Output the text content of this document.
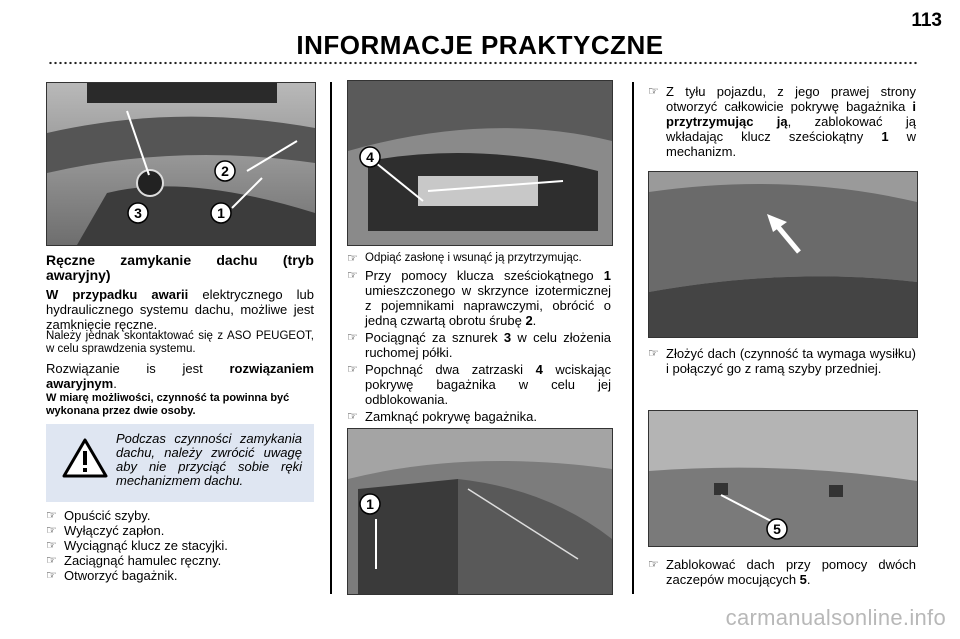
113
INFORMACJE PRAKTYCZNE
2
3	1
4
1
5
Ręczne zamykanie dachu (tryb awaryjny)
W przypadku awarii elektrycznego lub hydraulicznego systemu dachu, możliwe jest zamknięcie ręczne.
Należy jednak skontaktować się z ASO PEUGEOT, w celu sprawdzenia systemu.
Rozwiązanie is jest rozwiązaniem awaryjnym.
W miarę możliwości, czynność ta powinna być wykonana przez dwie osoby.
Podczas czynności zamykania dachu, należy zwrócić uwagę aby nie przyciąć sobie ręki mechanizmem dachu.
☞ Opuścić szyby.
☞ Wyłączyć zapłon.
☞ Wyciągnąć klucz ze stacyjki.
☞ Zaciągnąć hamulec ręczny.
☞ Otworzyć bagażnik.
☞ Odpiąć zasłonę i wsunąć ją przytrzymując.
☞ Przy pomocy klucza sześciokątnego 1 umieszczonego w skrzynce izotermicznej z pojemnikami naprawczymi, obrócić o jedną czwartą obrotu śrubę 2.
☞ Pociągnąć za sznurek 3 w celu złożenia ruchomej półki.
☞ Popchnąć dwa zatrzaski 4 wciskając pokrywę bagażnika w celu jej odblokowania.
☞ Zamknąć pokrywę bagażnika.
☞ Z tyłu pojazdu, z jego prawej strony otworzyć całkowicie pokrywę bagażnika i przytrzymując ją, zablokować ją wkładając klucz sześciokątny 1 w mechanizm.
☞ Złożyć dach (czynność ta wymaga wysiłku) i połączyć go z ramą szyby przedniej.
☞ Zablokować dach przy pomocy dwóch zaczepów mocujących 5.
carmanualsonline.info
